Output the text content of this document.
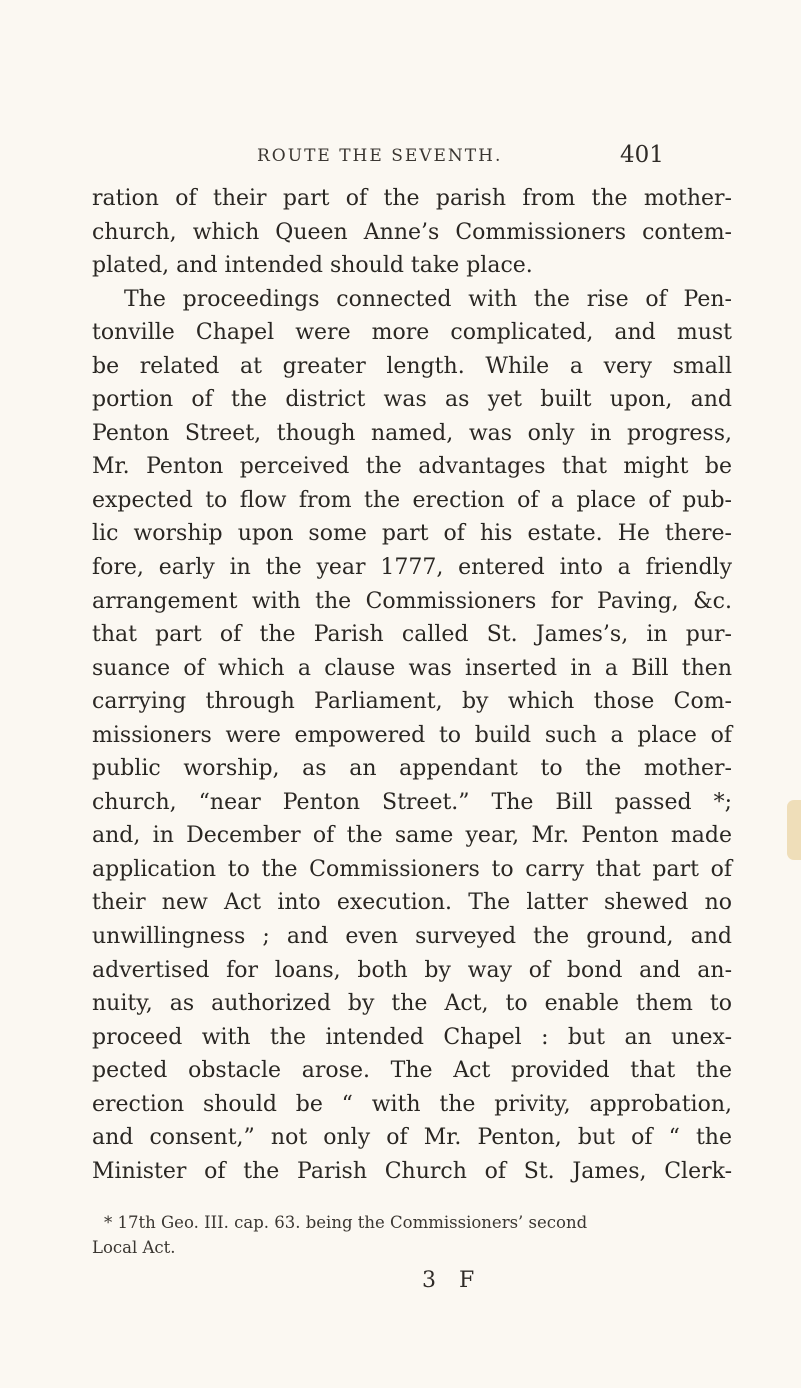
ROUTE THE SEVENTH.	401
ration of their part of the parish from the mother-
church, which Queen Anne’s Commissioners contem-
plated, and intended should take place.
The proceedings connected with the rise of Pen-
tonville Chapel were more complicated, and must
be related at greater length. While a very small
portion of the district was as yet built upon, and
Penton Street, though named, was only in progress,
Mr. Penton perceived the advantages that might be
expected to flow from the erection of a place of pub-
lic worship upon some part of his estate. He there-
fore, early in the year 1777, entered into a friendly
arrangement with the Commissioners for Paving, &c.
that part of the Parish called St. James’s, in pur-
suance of which a clause was inserted in a Bill then
carrying through Parliament, by which those Com-
missioners were empowered to build such a place of
public worship, as an appendant to the mother-
church, “near Penton Street.” The Bill passed *;
and, in December of the same year, Mr. Penton made
application to the Commissioners to carry that part of
their new Act into execution. The latter shewed no
unwillingness ; and even surveyed the ground, and
advertised for loans, both by way of bond and an-
nuity, as authorized by the Act, to enable them to
proceed with the intended Chapel : but an unex-
pected obstacle arose. The Act provided that the
erection should be “ with the privity, approbation,
and consent,” not only of Mr. Penton, but of “ the
Minister of the Parish Church of St. James, Clerk-
* 17th Geo. III. cap. 63. being the Commissioners’ second
Local Act.
3 F
